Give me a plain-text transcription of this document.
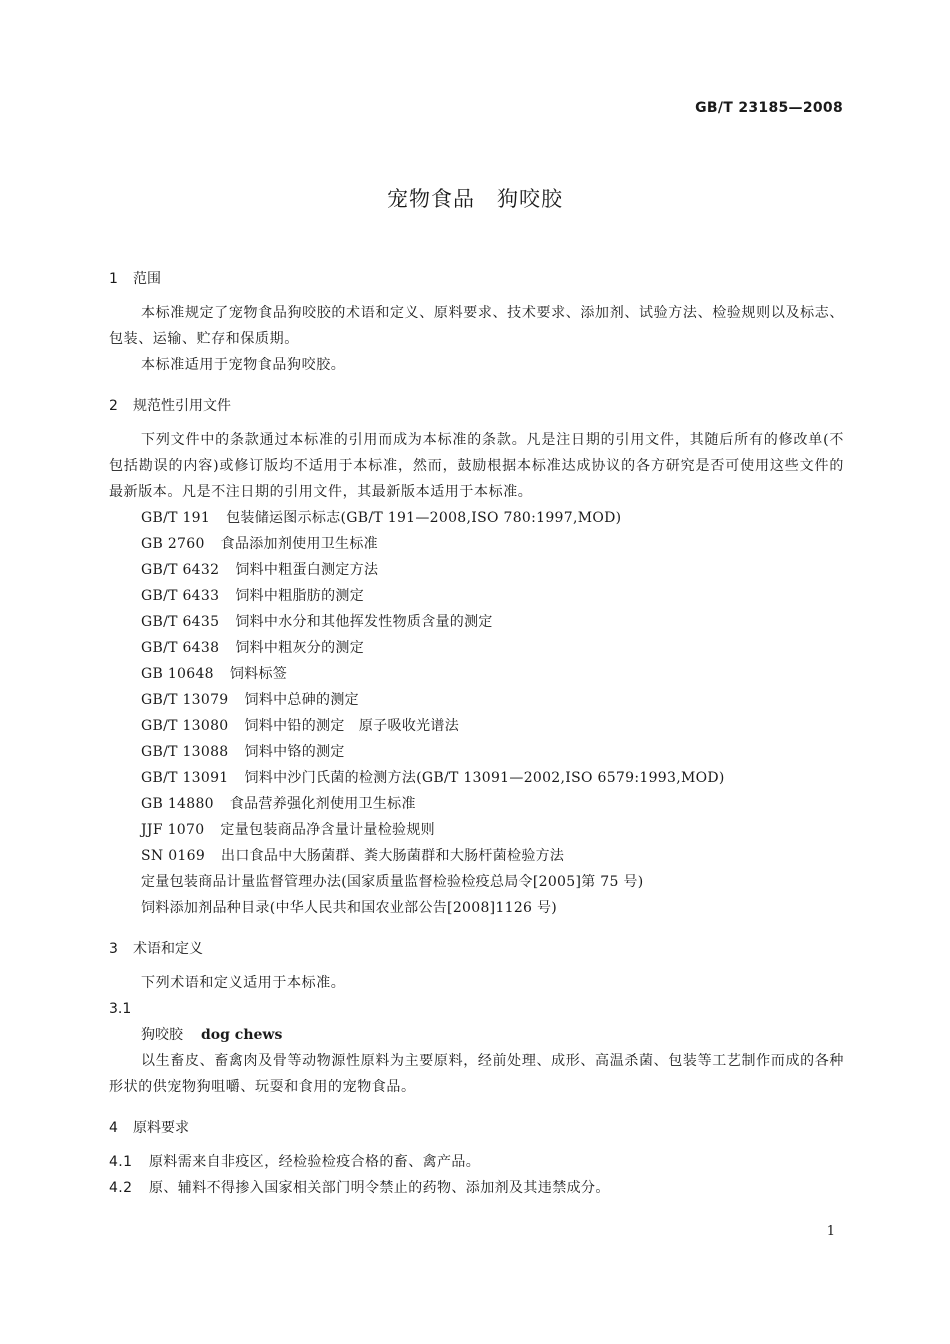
GB/T 23185—2008
宠物食品　狗咬胶
1 范围
本标准规定了宠物食品狗咬胶的术语和定义、原料要求、技术要求、添加剂、试验方法、检验规则以及标志、包装、运输、贮存和保质期。
本标准适用于宠物食品狗咬胶。
2 规范性引用文件
下列文件中的条款通过本标准的引用而成为本标准的条款。凡是注日期的引用文件，其随后所有的修改单(不包括勘误的内容)或修订版均不适用于本标准，然而，鼓励根据本标准达成协议的各方研究是否可使用这些文件的最新版本。凡是不注日期的引用文件，其最新版本适用于本标准。
GB/T 191 包装储运图示标志(GB/T 191—2008,ISO 780:1997,MOD)
GB 2760 食品添加剂使用卫生标准
GB/T 6432 饲料中粗蛋白测定方法
GB/T 6433 饲料中粗脂肪的测定
GB/T 6435 饲料中水分和其他挥发性物质含量的测定
GB/T 6438 饲料中粗灰分的测定
GB 10648 饲料标签
GB/T 13079 饲料中总砷的测定
GB/T 13080 饲料中铅的测定　原子吸收光谱法
GB/T 13088 饲料中铬的测定
GB/T 13091 饲料中沙门氏菌的检测方法(GB/T 13091—2002,ISO 6579:1993,MOD)
GB 14880 食品营养强化剂使用卫生标准
JJF 1070 定量包装商品净含量计量检验规则
SN 0169 出口食品中大肠菌群、粪大肠菌群和大肠杆菌检验方法
定量包装商品计量监督管理办法(国家质量监督检验检疫总局令[2005]第 75 号)
饲料添加剂品种目录(中华人民共和国农业部公告[2008]1126 号)
3 术语和定义
下列术语和定义适用于本标准。
3.1
狗咬胶 dog chews
以生畜皮、畜禽肉及骨等动物源性原料为主要原料，经前处理、成形、高温杀菌、包装等工艺制作而成的各种形状的供宠物狗咀嚼、玩耍和食用的宠物食品。
4 原料要求
4.1 原料需来自非疫区，经检验检疫合格的畜、禽产品。
4.2 原、辅料不得掺入国家相关部门明令禁止的药物、添加剂及其违禁成分。
1
